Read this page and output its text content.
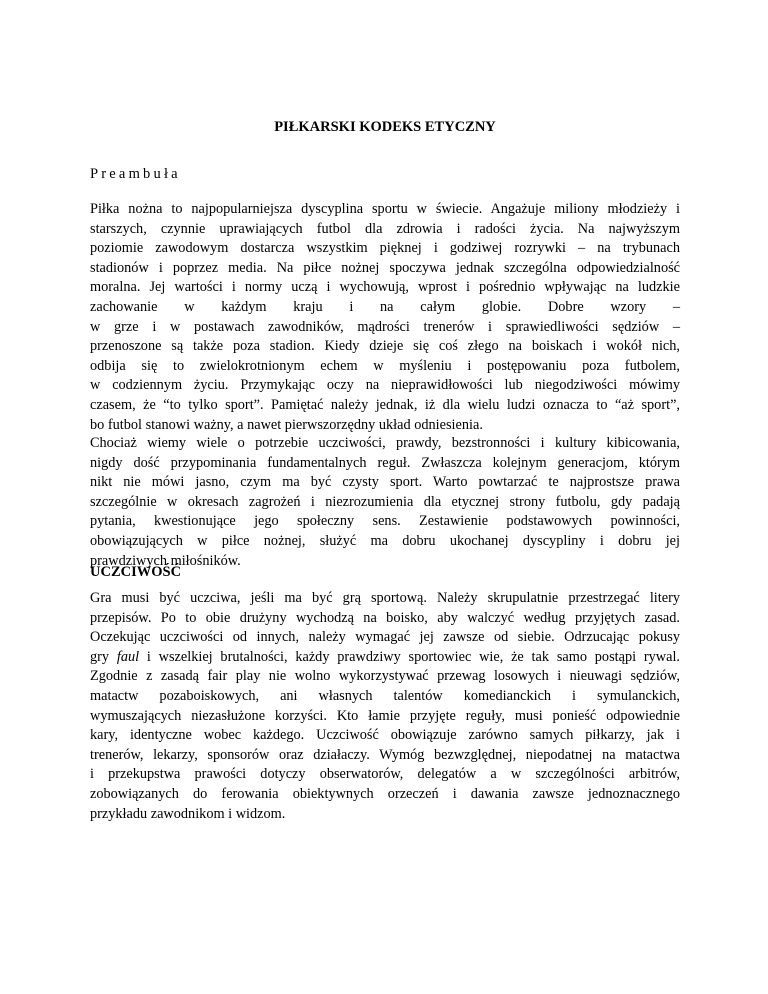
PIŁKARSKI KODEKS ETYCZNY

Preambuła

Piłka nożna to najpopularniejsza dyscyplina sportu w świecie. Angażuje miliony młodzieży i
starszych, czynnie uprawiających futbol dla zdrowia i radości życia. Na najwyższym
poziomie zawodowym dostarcza wszystkim pięknej i godziwej rozrywki – na trybunach
stadionów i poprzez media. Na piłce nożnej spoczywa jednak szczególna odpowiedzialność
moralna. Jej wartości i normy uczą i wychowują, wprost i pośrednio wpływając na ludzkie
zachowanie w każdym kraju i na całym globie. Dobre wzory –
w grze i w postawach zawodników, mądrości trenerów i sprawiedliwości sędziów –
przenoszone są także poza stadion. Kiedy dzieje się coś złego na boiskach i wokół nich,
odbija się to zwielokrotnionym echem w myśleniu i postępowaniu poza futbolem,
w codziennym życiu. Przymykając oczy na nieprawidłowości lub niegodziwości mówimy
czasem, że “to tylko sport”. Pamiętać należy jednak, iż dla wielu ludzi oznacza to “aż sport”,
bo futbol stanowi ważny, a nawet pierwszorzędny układ odniesienia.
Chociaż wiemy wiele o potrzebie uczciwości, prawdy, bezstronności i kultury kibicowania,
nigdy dość przypominania fundamentalnych reguł. Zwłaszcza kolejnym generacjom, którym
nikt nie mówi jasno, czym ma być czysty sport. Warto powtarzać te najprostsze prawa
szczególnie w okresach zagrożeń i niezrozumienia dla etycznej strony futbolu, gdy padają
pytania, kwestionujące jego społeczny sens. Zestawienie podstawowych powinności,
obowiązujących w piłce nożnej, służyć ma dobru ukochanej dyscypliny i dobru jej
prawdziwych miłośników.
UCZCIWOŚĆ
Gra musi być uczciwa, jeśli ma być grą sportową. Należy skrupulatnie przestrzegać litery
przepisów. Po to obie drużyny wychodzą na boisko, aby walczyć według przyjętych zasad.
Oczekując uczciwości od innych, należy wymagać jej zawsze od siebie. Odrzucając pokusy
gry faul i wszelkiej brutalności, każdy prawdziwy sportowiec wie, że tak samo postąpi rywal.
Zgodnie z zasadą fair play nie wolno wykorzystywać przewag losowych i nieuwagi sędziów,
matactw pozaboiskowych, ani własnych talentów komedianckich i symulanckich,
wymuszających niezasłużone korzyści. Kto łamie przyjęte reguły, musi ponieść odpowiednie
kary, identyczne wobec każdego. Uczciwość obowiązuje zarówno samych piłkarzy, jak i
trenerów, lekarzy, sponsorów oraz działaczy. Wymóg bezwzględnej, niepodatnej na matactwa
i przekupstwa prawości dotyczy obserwatorów, delegatów a w szczególności arbitrów,
zobowiązanych do ferowania obiektywnych orzeczeń i dawania zawsze jednoznacznego
przykładu zawodnikom i widzom.
